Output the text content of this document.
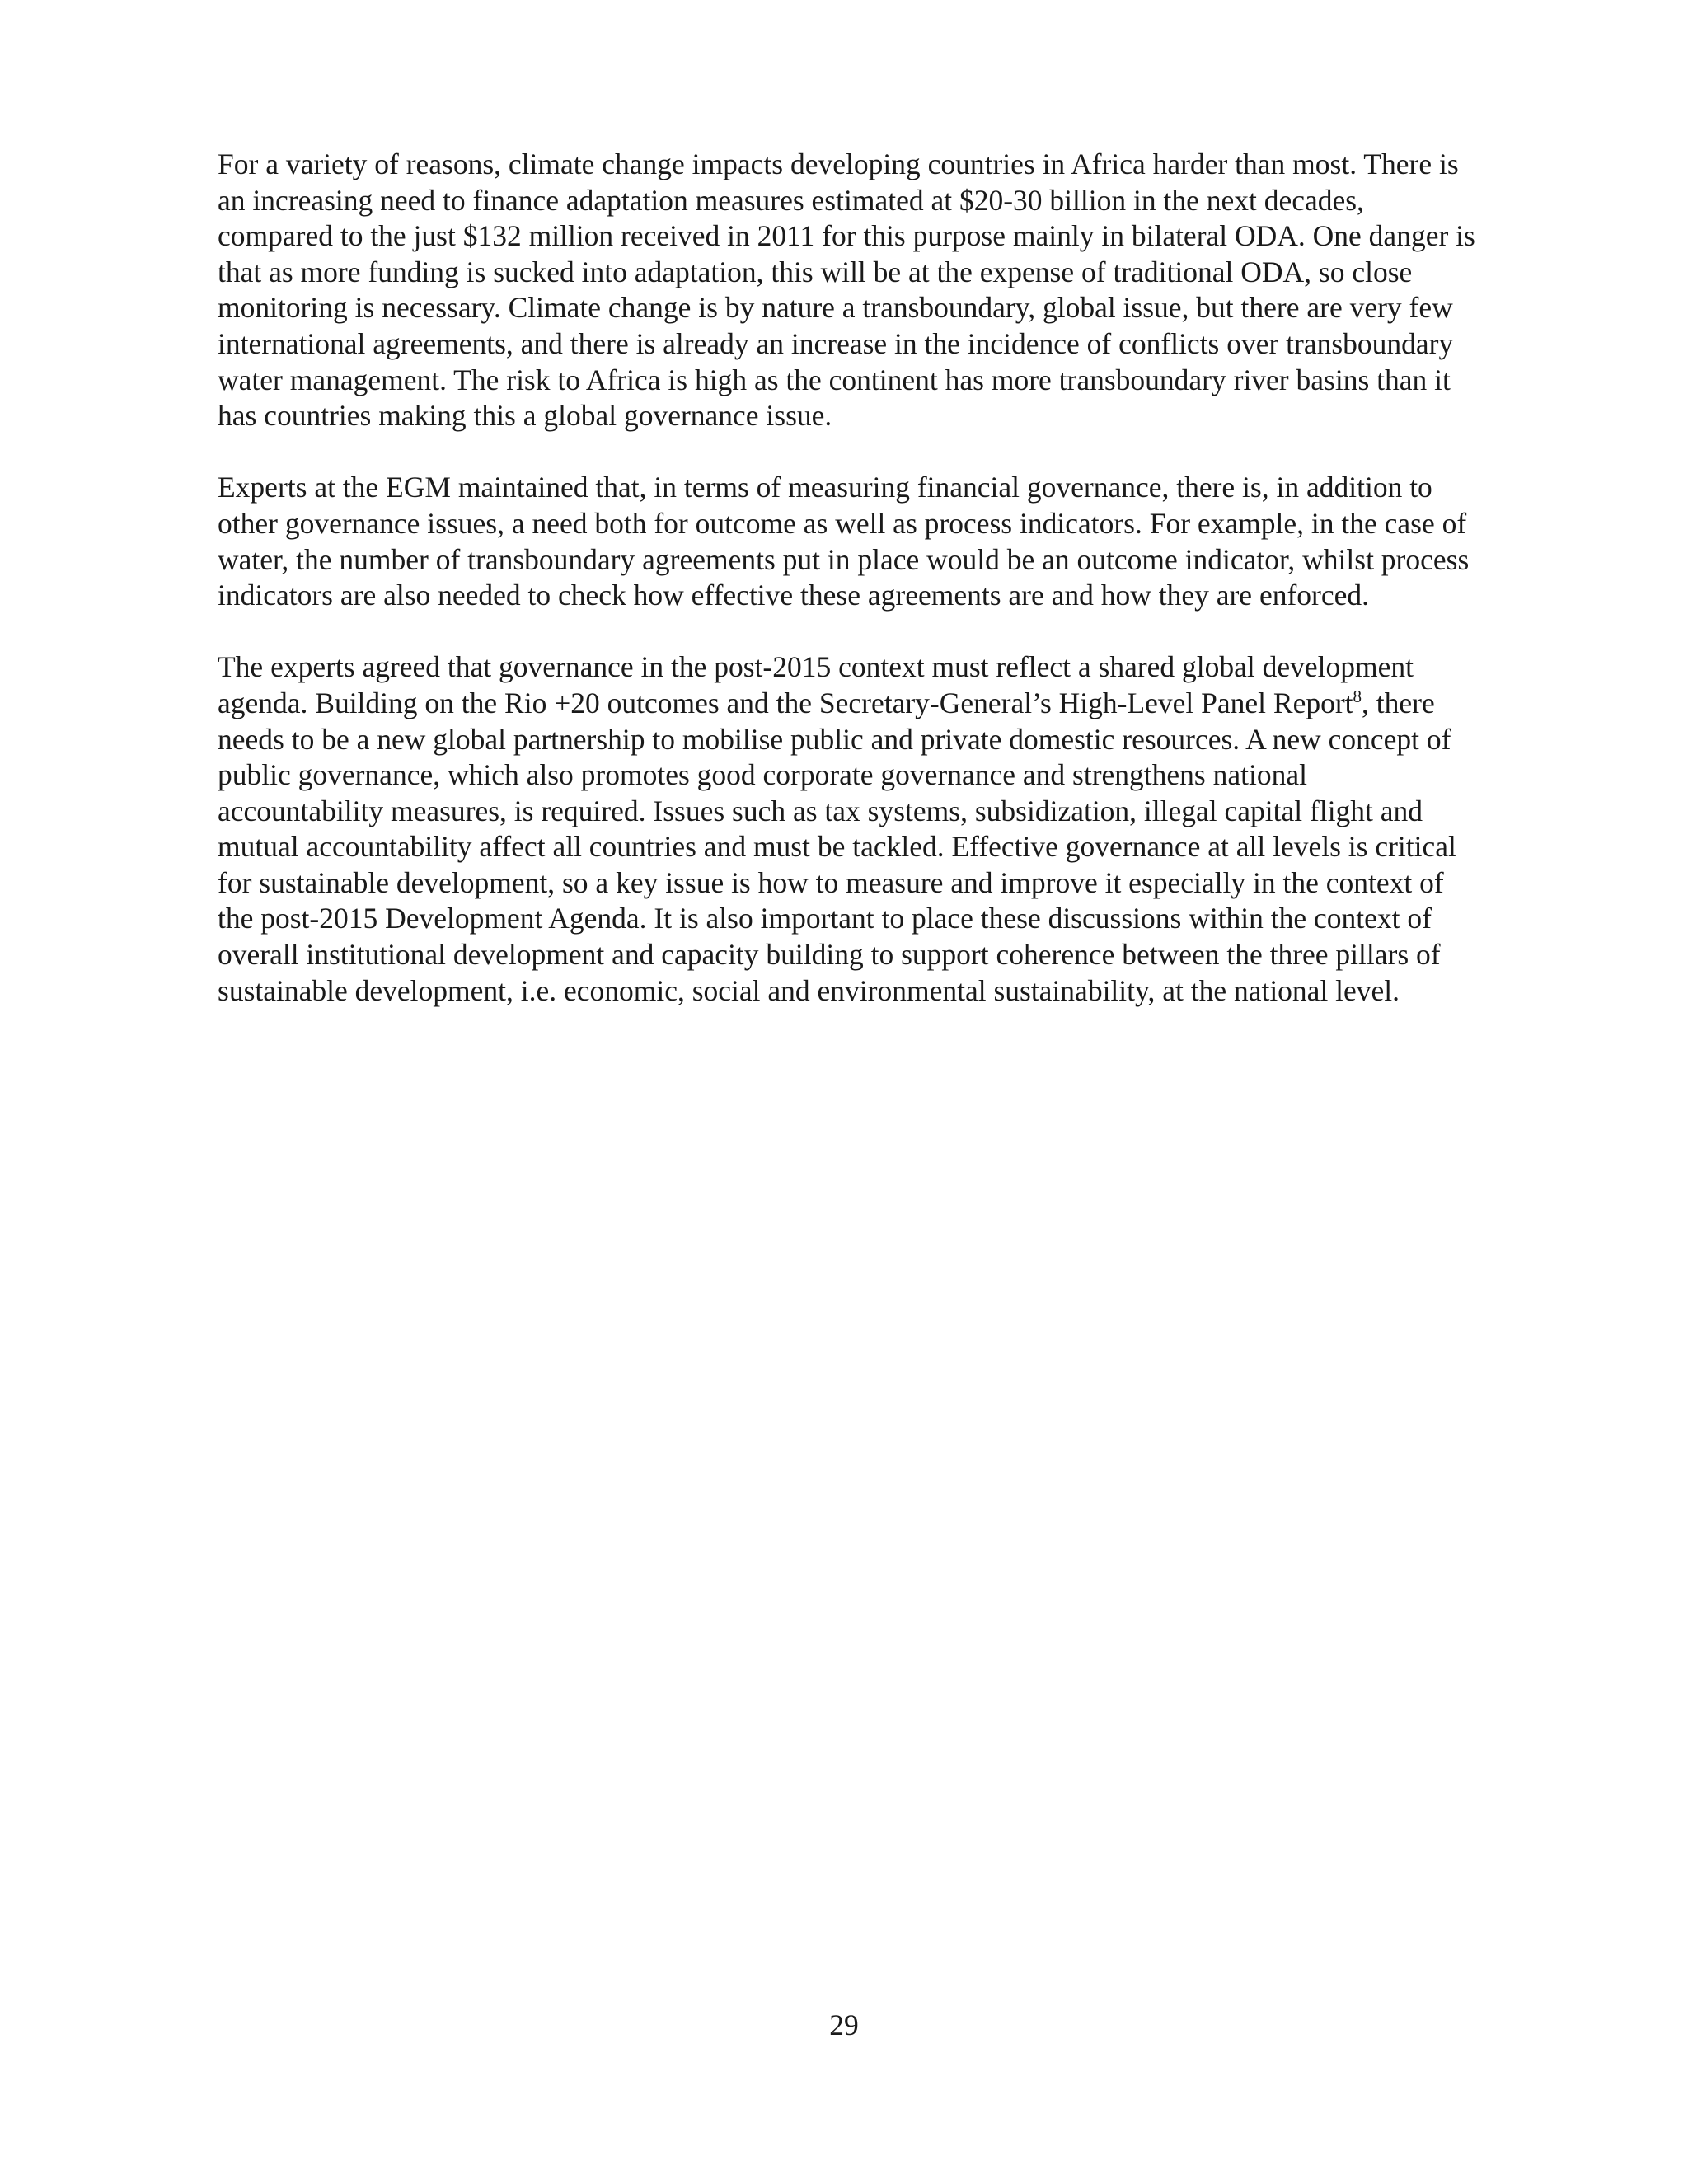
For a variety of reasons, climate change impacts developing countries in Africa harder than most. There is an increasing need to finance adaptation measures estimated at $20-30 billion in the next decades, compared to the just $132 million received in 2011 for this purpose mainly in bilateral ODA. One danger is that as more funding is sucked into adaptation, this will be at the expense of traditional ODA, so close monitoring is necessary. Climate change is by nature a transboundary, global issue, but there are very few international agreements, and there is already an increase in the incidence of conflicts over transboundary water management. The risk to Africa is high as the continent has more transboundary river basins than it has countries making this a global governance issue.

Experts at the EGM maintained that, in terms of measuring financial governance, there is, in addition to other governance issues, a need both for outcome as well as process indicators. For example, in the case of water, the number of transboundary agreements put in place would be an outcome indicator, whilst process indicators are also needed to check how effective these agreements are and how they are enforced.

The experts agreed that governance in the post-2015 context must reflect a shared global development agenda. Building on the Rio +20 outcomes and the Secretary-General’s High-Level Panel Report$^8$, there needs to be a new global partnership to mobilise public and private domestic resources. A new concept of public governance, which also promotes good corporate governance and strengthens national accountability measures, is required. Issues such as tax systems, subsidization, illegal capital flight and mutual accountability affect all countries and must be tackled. Effective governance at all levels is critical for sustainable development, so a key issue is how to measure and improve it especially in the context of the post-2015 Development Agenda. It is also important to place these discussions within the context of overall institutional development and capacity building to support coherence between the three pillars of sustainable development, i.e. economic, social and environmental sustainability, at the national level.

29
